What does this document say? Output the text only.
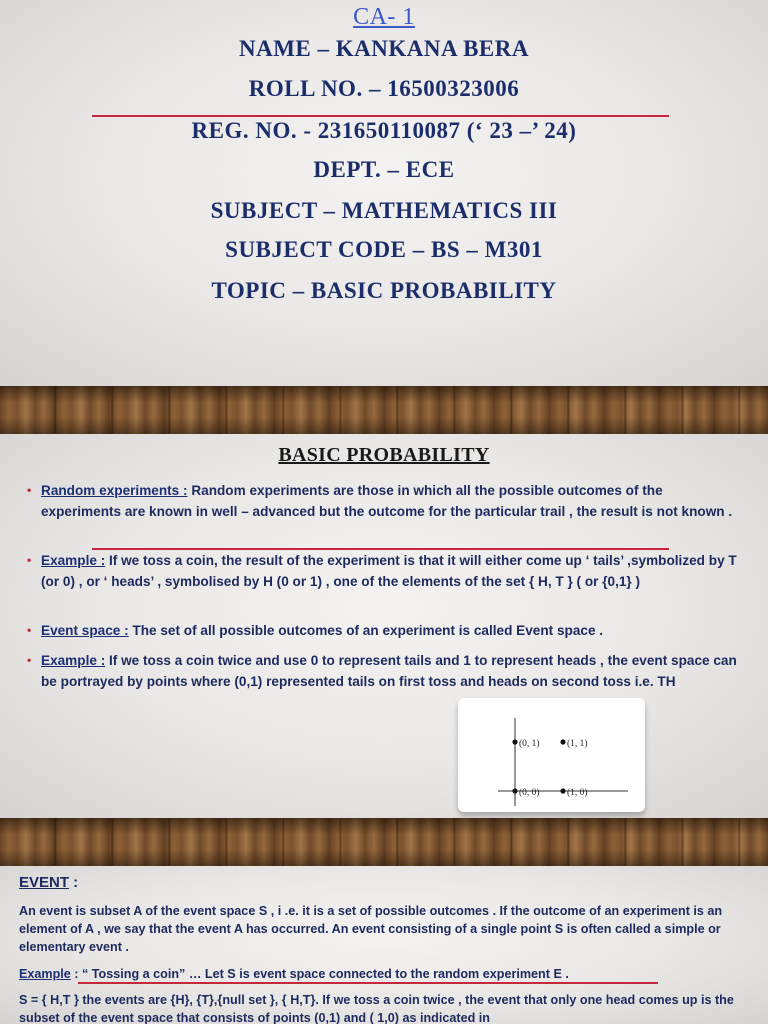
CA- 1
NAME – KANKANA BERA
ROLL NO. – 16500323006
REG. NO. - 231650110087 (‘ 23 –’ 24)
DEPT. – ECE
SUBJECT – MATHEMATICS III
SUBJECT CODE – BS – M301
TOPIC – BASIC PROBABILITY
BASIC PROBABILITY
• Random experiments : Random experiments are those in which all the possible outcomes of the experiments are known in well – advanced but the outcome for the particular trail , the result is not known .
• Example : If we toss a coin, the result of the experiment is that it will either come up ‘ tails’ ,symbolized by T (or 0) , or ‘ heads’ , symbolised by H (0 or 1) , one of the elements of the set { H, T } ( or {0,1} )
• Event space : The set of all possible outcomes of an experiment is called Event space .
• Example : If we toss a coin twice and use 0 to represent tails and 1 to represent heads , the event space can be portrayed by points where (0,1) represented tails on first toss and heads on second toss i.e. TH
(0, 1)	(1, 1)
(0, 0)	(1, 0)
EVENT :
An event is subset A of the event space S , i .e. it is a set of possible outcomes . If the outcome of an experiment is an element of A , we say that the event A has occurred. An event consisting of a single point S is often called a simple or elementary event .
Example : “ Tossing a coin” … Let S is event space connected to the random experiment E .
S = { H,T } the events are {H}, {T},{null set }, { H,T}. If we toss a coin twice , the event that only one head comes up is the subset of the event space that consists of points (0,1) and ( 1,0) as indicated in
